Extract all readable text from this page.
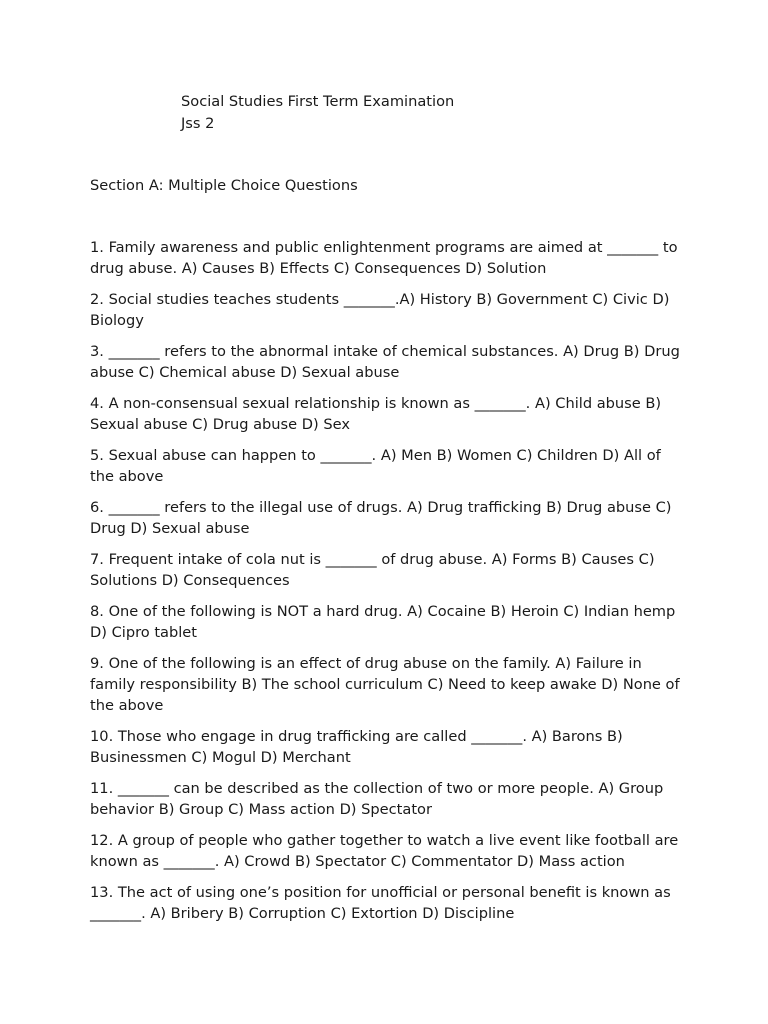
Social Studies First Term Examination
Jss 2
Section A: Multiple Choice Questions
1. Family awareness and public enlightenment programs are aimed at _______ to drug abuse. A) Causes B) Effects C) Consequences D) Solution
2. Social studies teaches students _______.A) History B) Government C) Civic D) Biology
3. _______ refers to the abnormal intake of chemical substances. A) Drug B) Drug abuse C) Chemical abuse D) Sexual abuse
4. A non-consensual sexual relationship is known as _______. A) Child abuse B) Sexual abuse C) Drug abuse D) Sex
5. Sexual abuse can happen to _______. A) Men B) Women C) Children D) All of the above
6. _______ refers to the illegal use of drugs. A) Drug trafficking B) Drug abuse C) Drug D) Sexual abuse
7. Frequent intake of cola nut is _______ of drug abuse. A) Forms B) Causes C) Solutions D) Consequences
8. One of the following is NOT a hard drug. A) Cocaine B) Heroin C) Indian hemp D) Cipro tablet
9. One of the following is an effect of drug abuse on the family. A) Failure in family responsibility B) The school curriculum C) Need to keep awake D) None of the above
10. Those who engage in drug trafficking are called _______. A) Barons B) Businessmen C) Mogul D) Merchant
11. _______ can be described as the collection of two or more people. A) Group behavior B) Group C) Mass action D) Spectator
12. A group of people who gather together to watch a live event like football are known as _______. A) Crowd B) Spectator C) Commentator D) Mass action
13. The act of using one’s position for unofficial or personal benefit is known as _______. A) Bribery B) Corruption C) Extortion D) Discipline
